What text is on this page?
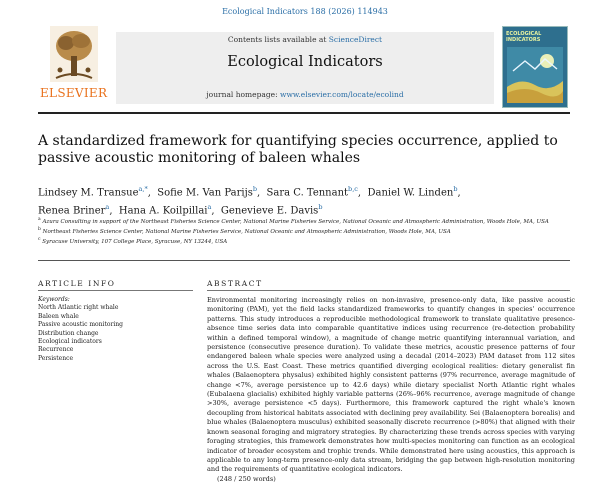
Ecological Indicators 188 (2026) 114943
ELSEVIER
Contents lists available at ScienceDirect
Ecological Indicators
journal homepage: www.elsevier.com/locate/ecolind
ECOLOGICAL INDICATORS
A standardized framework for quantifying species occurrence, applied to passive acoustic monitoring of baleen whales
Lindsey M. Transue$^{a,*}$,  Sofie M. Van Parijs$^b$,  Sara C. Tennant$^{b,c}$,  Daniel W. Linden$^b$,
Renea Briner$^a$,  Hana A. Koilpillai$^a$,  Genevieve E. Davis$^b$
$^a$ Azura Consulting in support of the Northeast Fisheries Science Center, National Marine Fisheries Service, National Oceanic and Atmospheric Administration, Woods Hole, MA, USA
$^b$ Northeast Fisheries Science Center, National Marine Fisheries Service, National Oceanic and Atmospheric Administration, Woods Hole, MA, USA
$^c$ Syracuse University, 107 College Place, Syracuse, NY 13244, USA
ARTICLE INFO	ABSTRACT
Keywords:
North Atlantic right whale
Baleen whale
Passive acoustic monitoring
Distribution change
Ecological indicators
Recurrence
Persistence

Environmental monitoring increasingly relies on non-invasive, presence-only data, like passive acoustic monitoring (PAM), yet the field lacks standardized frameworks to quantify changes in species' occurrence patterns. This study introduces a reproducible methodological framework to translate qualitative presence-absence time series data into comparable quantitative indices using recurrence (re-detection probability within a defined temporal window), a magnitude of change metric quantifying interannual variation, and persistence (consecutive presence duration). To validate these metrics, acoustic presence patterns of four endangered baleen whale species were analyzed using a decadal (2014–2023) PAM dataset from 112 sites across the U.S. East Coast. These metrics quantified diverging ecological realities: dietary generalist fin whales (Balaenoptera physalus) exhibited highly consistent patterns (97% recurrence, average magnitude of change <7%, average persistence up to 42.6 days) while dietary specialist North Atlantic right whales (Eubalaena glacialis) exhibited highly variable patterns (26%–96% recurrence, average magnitude of change >30%, average persistence <5 days). Furthermore, this framework captured the right whale's known decoupling from historical habitats associated with declining prey availability. Sei (Balaenoptera borealis) and blue whales (Balaenoptera musculus) exhibited seasonally discrete recurrence (>80%) that aligned with their known seasonal foraging and migratory strategies. By characterizing these trends across species with varying foraging strategies, this framework demonstrates how multi-species monitoring can function as an ecological indicator of broader ecosystem and trophic trends. While demonstrated here using acoustics, this approach is applicable to any long-term presence-only data stream, bridging the gap between high-resolution monitoring and the requirements of quantitative ecological indicators.

(248 / 250 words)
